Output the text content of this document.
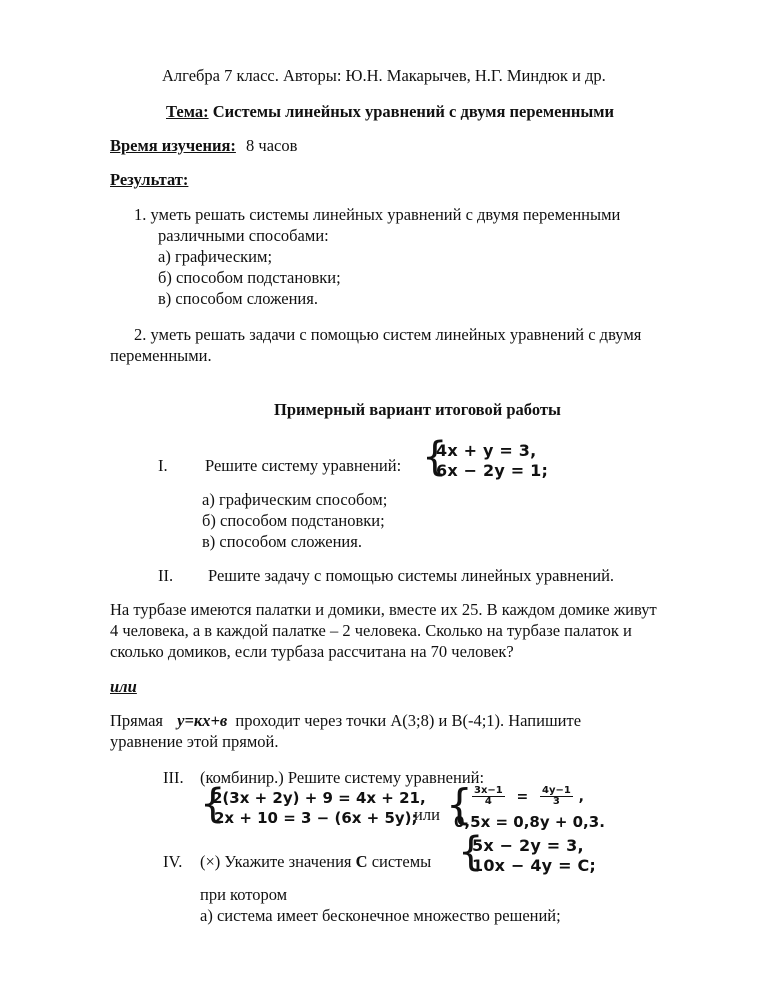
Алгебра 7 класс. Авторы: Ю.Н. Макарычев, Н.Г. Миндюк и др.
Тема: Системы линейных уравнений с двумя переменными
Время изучения: 8 часов
Результат:
1. уметь решать системы линейных уравнений с двумя переменными
различными способами:
а) графическим;
б) способом подстановки;
в) способом сложения.
2. уметь решать задачи с помощью систем линейных уравнений с двумя
переменными.
Примерный вариант итоговой работы
I. Решите систему уравнений: {
4x + y = 3,
6x − 2y = 1;
а) графическим способом;
б) способом подстановки;
в) способом сложения.
II. Решите задачу с помощью системы линейных уравнений.
На турбазе имеются палатки и домики, вместе их 25. В каждом домике живут
4 человека, а в каждой палатке – 2 человека. Сколько на турбазе палаток и
сколько домиков, если турбаза рассчитана на 70 человек?
или
Прямая у=кх+в проходит через точки А(3;8) и В(-4;1). Напишите
уравнение этой прямой.
III. (комбинир.) Решите систему уравнений:
{
2(3x + 2y) + 9 = 4x + 21,
2x + 10 = 3 − (6x + 5y);
или { $\frac{3x-1}{4} = \frac{4y-1}{3}$ ,
0,5x = 0,8y + 0,3.
IV. (×) Укажите значения С системы {
5x − 2y = 3,
10x − 4y = C;
при котором
а) система имеет бесконечное множество решений;
